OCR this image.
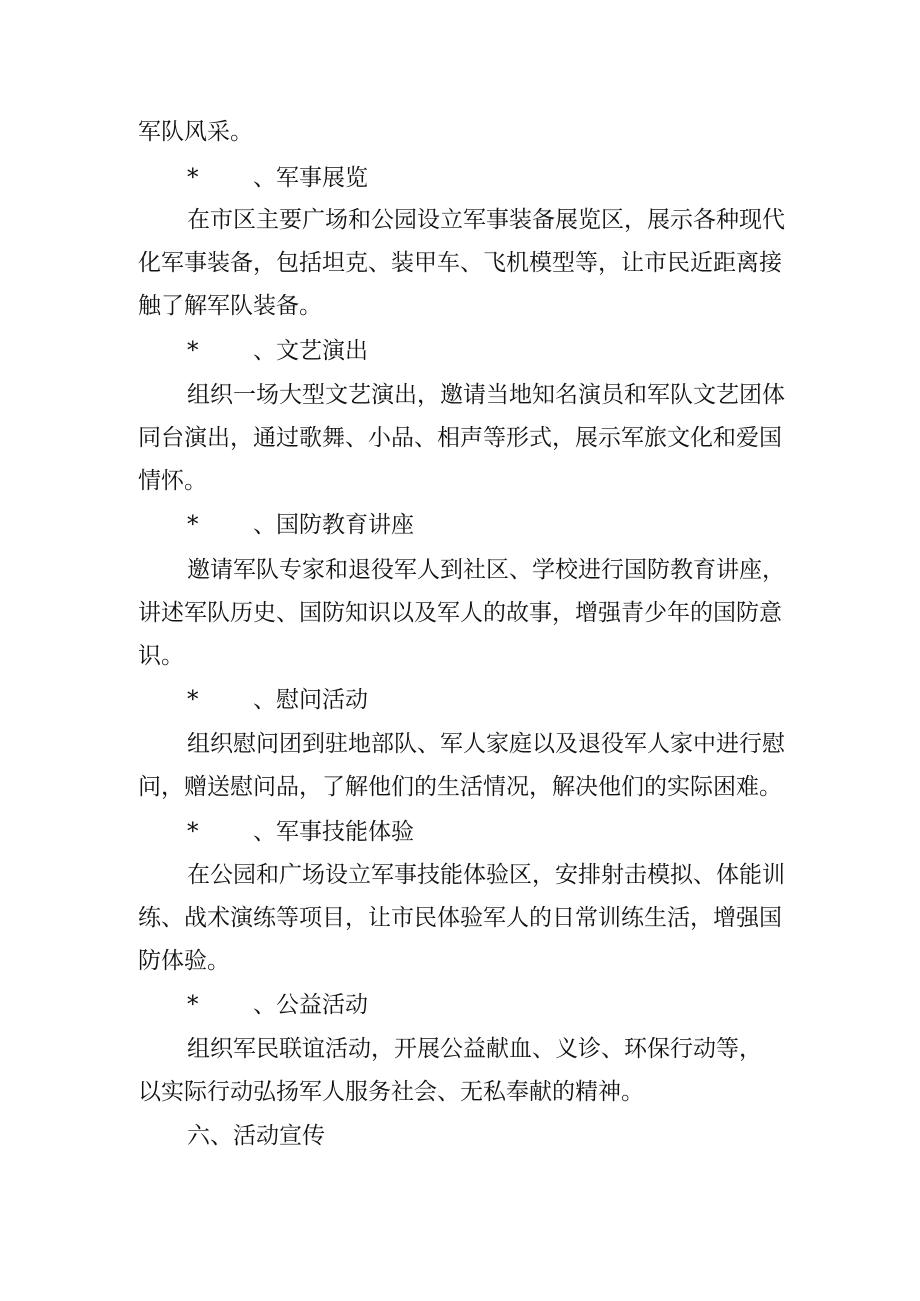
军队风采。
* 、军事展览
在市区主要广场和公园设立军事装备展览区，展示各种现代
化军事装备，包括坦克、装甲车、飞机模型等，让市民近距离接
触了解军队装备。
* 、文艺演出
组织一场大型文艺演出，邀请当地知名演员和军队文艺团体
同台演出，通过歌舞、小品、相声等形式，展示军旅文化和爱国
情怀。
* 、国防教育讲座
邀请军队专家和退役军人到社区、学校进行国防教育讲座，
讲述军队历史、国防知识以及军人的故事，增强青少年的国防意
识。
* 、慰问活动
组织慰问团到驻地部队、军人家庭以及退役军人家中进行慰
问，赠送慰问品，了解他们的生活情况，解决他们的实际困难。
* 、军事技能体验
在公园和广场设立军事技能体验区，安排射击模拟、体能训
练、战术演练等项目，让市民体验军人的日常训练生活，增强国
防体验。
* 、公益活动
组织军民联谊活动，开展公益献血、义诊、环保行动等，
以实际行动弘扬军人服务社会、无私奉献的精神。
六、活动宣传
